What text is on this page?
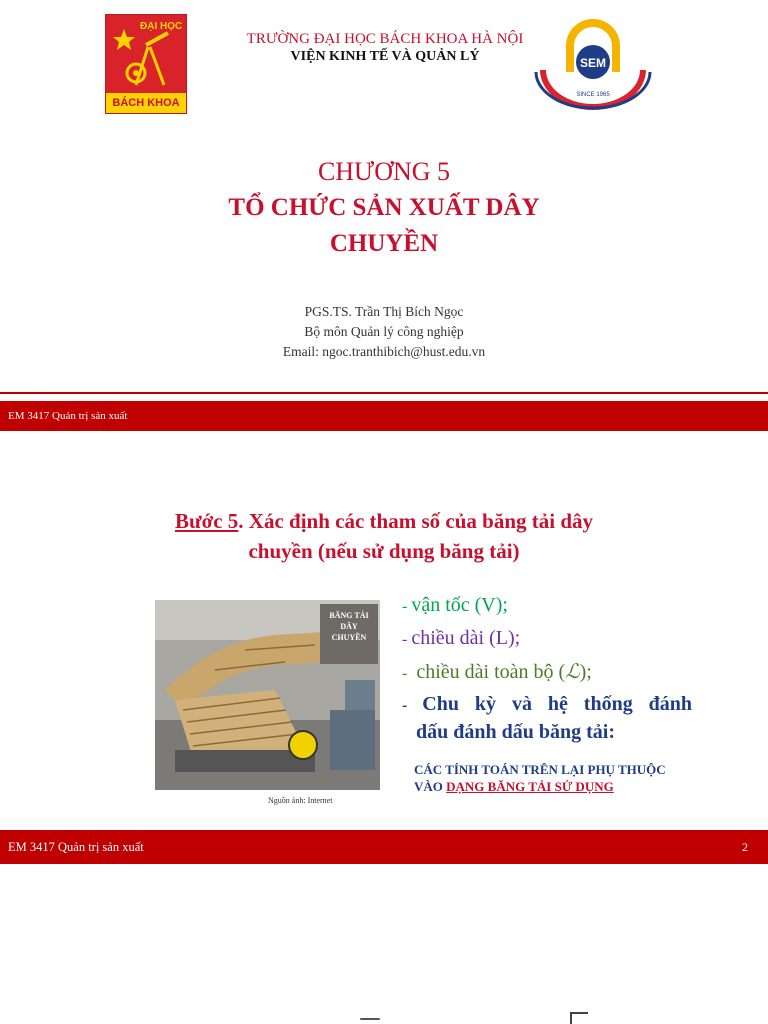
ĐẠI HỌC
BÁCH KHOA
TRƯỜNG ĐẠI HỌC BÁCH KHOA HÀ NỘI
VIỆN KINH TẾ VÀ QUẢN LÝ	SEM
SINCE 1965
CHƯƠNG 5
TỔ CHỨC SẢN XUẤT DÂY
CHUYỀN
PGS.TS. Trần Thị Bích Ngọc
Bộ môn Quản lý công nghiệp
Email: ngoc.tranthibich@hust.edu.vn
EM 3417 Quản trị sản xuất
Bước 5. Xác định các tham số của băng tải dây
chuyền (nếu sử dụng băng tải)
BĂNG TẢI
DÂY
CHUYỀN
Nguồn ảnh: Internet
- vận tốc (V);
- chiều dài (L);
-  chiều dài toàn bộ (ℒ);
- Chu kỳ và hệ thống đánh
dấu đánh dấu băng tải:
CÁC TÍNH TOÁN TRÊN LẠI PHỤ THUỘC
VÀO DẠNG BĂNG TẢI SỬ DỤNG
EM 3417 Quản trị sản xuất	2
